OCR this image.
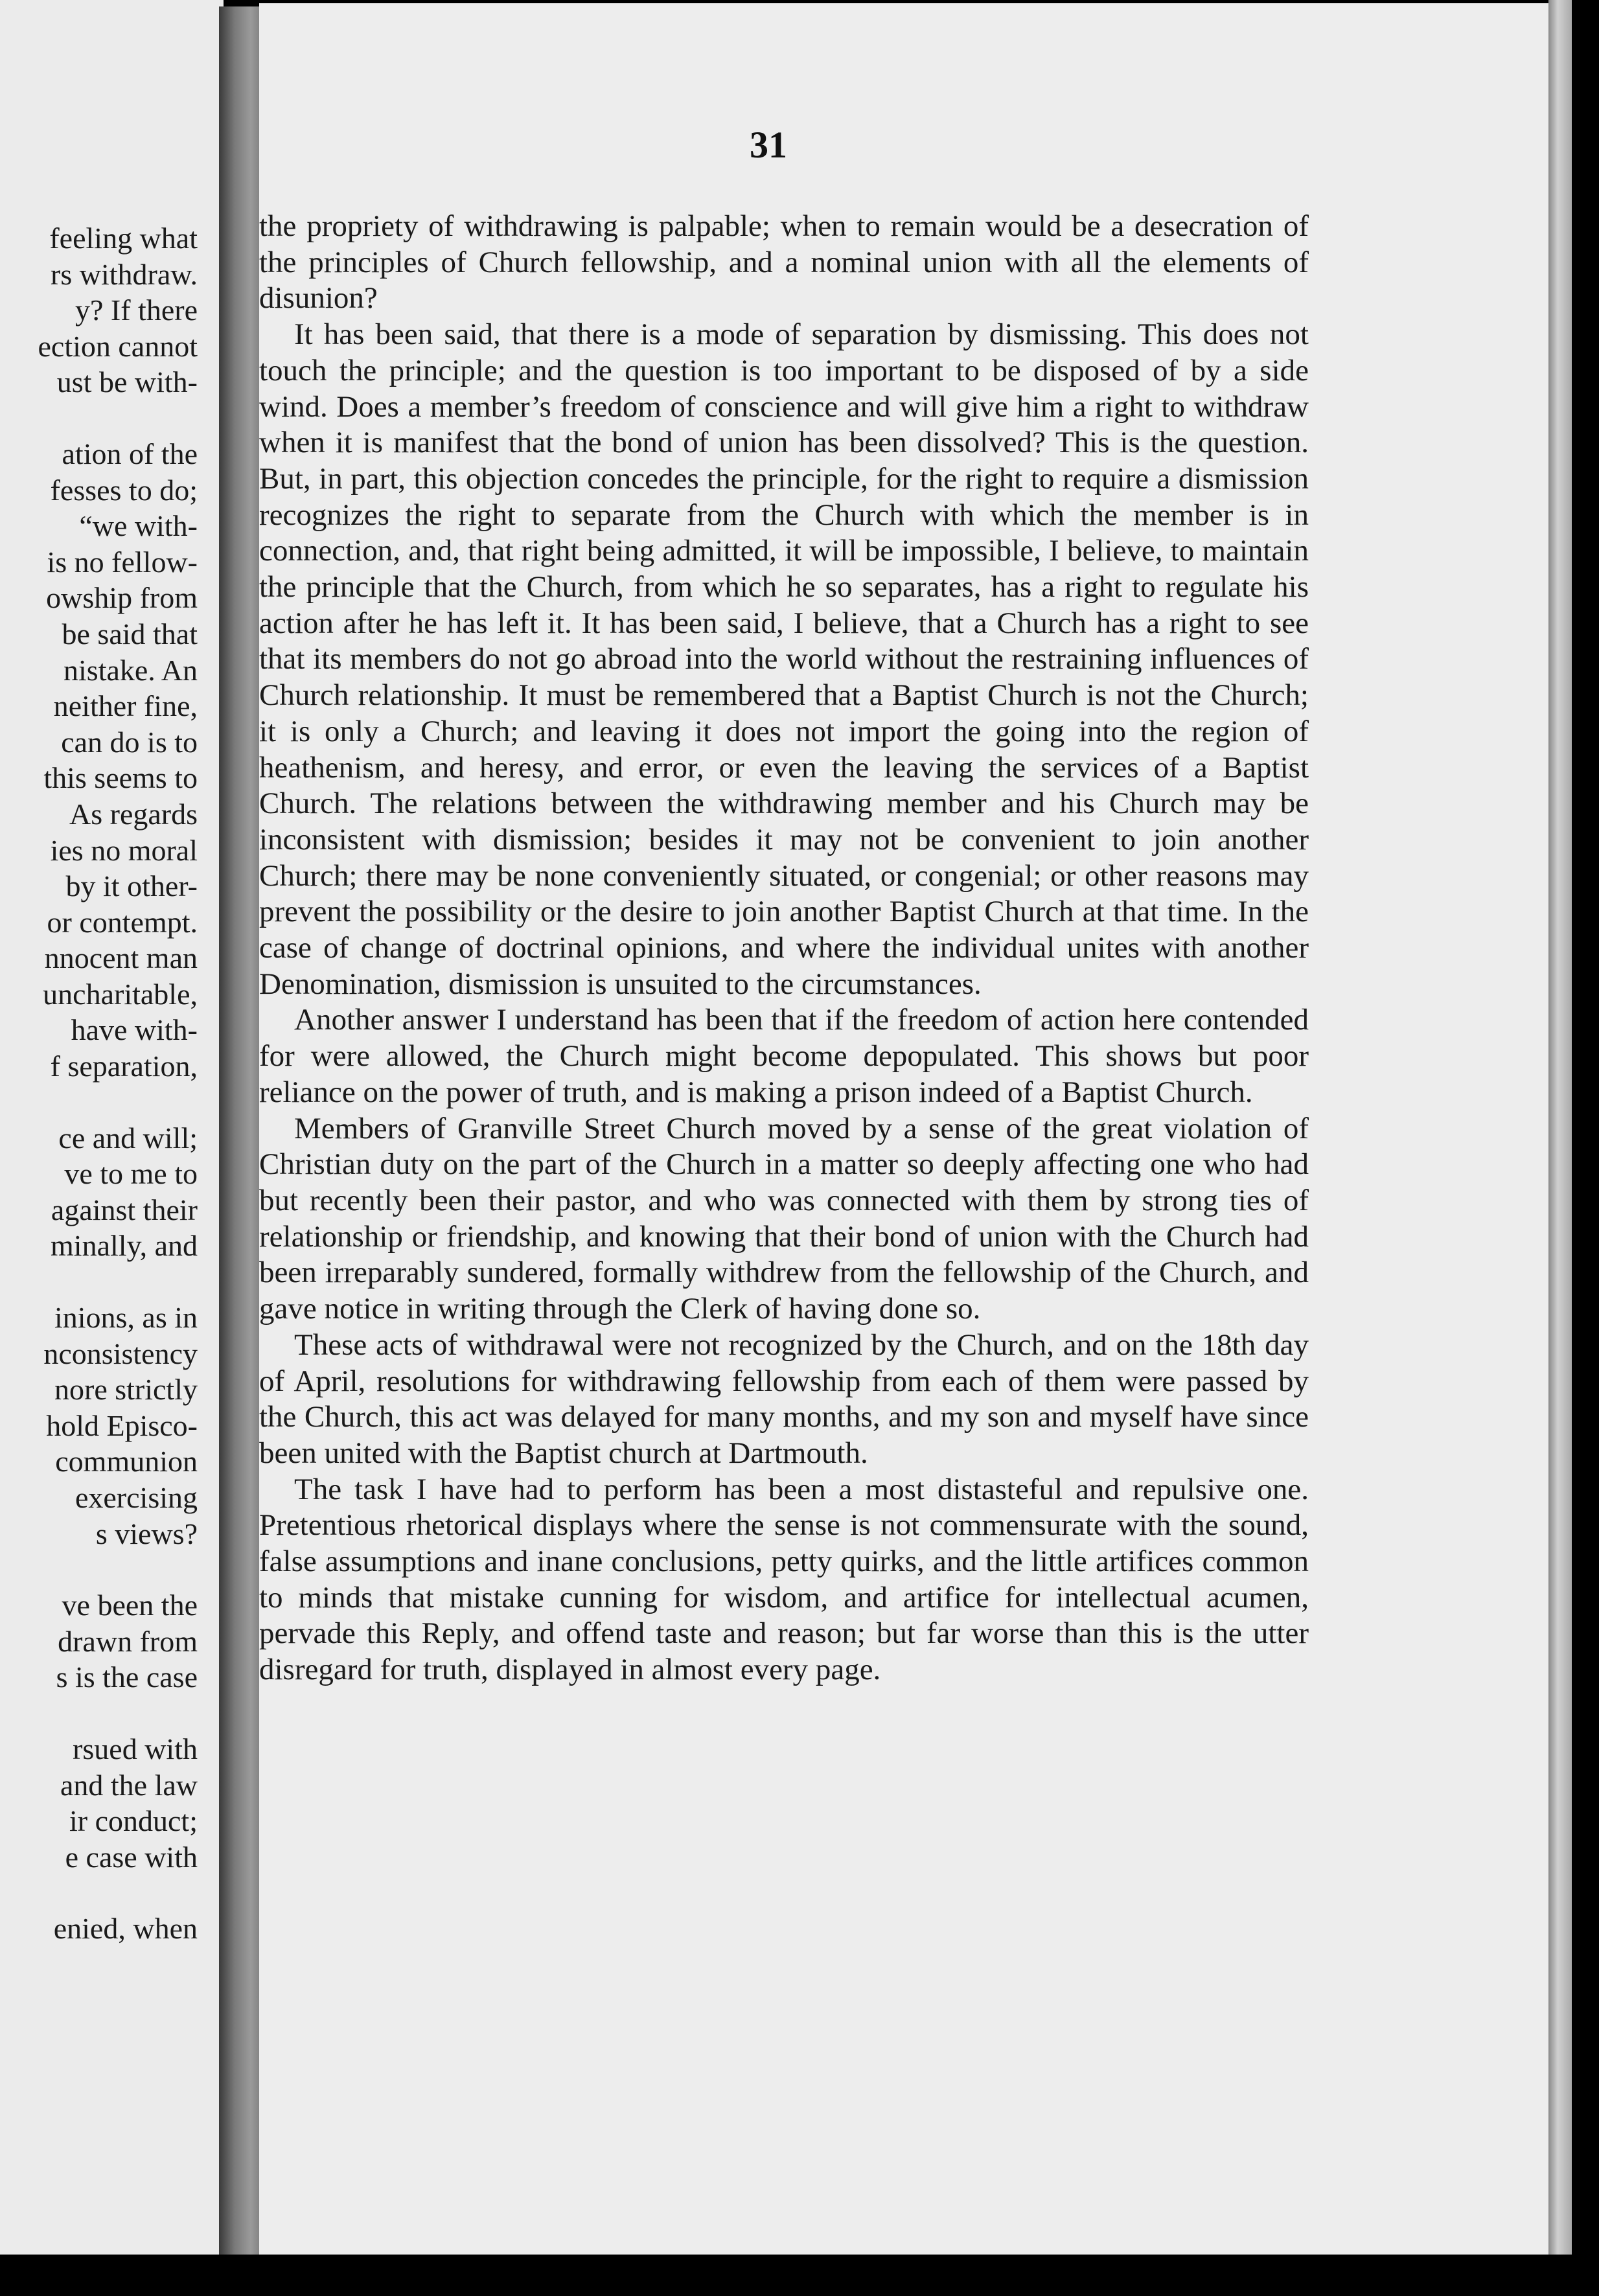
feeling what
rs withdraw.
y? If there
ection cannot
ust be with-
ation of the
fesses to do;
“we with-
is no fellow-
owship from
be said that
nistake. An
neither fine,
can do is to
this seems to
As regards
ies no moral
by it other-
or contempt.
nnocent man
uncharitable,
have with-
f separation,
ce and will;
ve to me to
against their
minally, and
inions, as in
nconsistency
nore strictly
hold Episco-
communion
exercising
s views?
ve been the
drawn from
s is the case
rsued with
and the law
ir conduct;
e case with
enied, when
31

the propriety of withdrawing is palpable; when to remain would be a desecration of the principles of Church fellowship, and a nominal union with all the elements of disunion?

It has been said, that there is a mode of separation by dismissing. This does not touch the principle; and the question is too important to be disposed of by a side wind. Does a member’s freedom of conscience and will give him a right to withdraw when it is manifest that the bond of union has been dissolved? This is the question. But, in part, this objection concedes the principle, for the right to require a dismission recognizes the right to separate from the Church with which the member is in connection, and, that right being admitted, it will be impossible, I believe, to maintain the principle that the Church, from which he so separates, has a right to regulate his action after he has left it. It has been said, I believe, that a Church has a right to see that its members do not go abroad into the world without the restraining influences of Church relationship. It must be remembered that a Baptist Church is not the Church; it is only a Church; and leaving it does not import the going into the region of heathenism, and heresy, and error, or even the leaving the services of a Baptist Church. The relations between the withdrawing member and his Church may be inconsistent with dismission; besides it may not be convenient to join another Church; there may be none conveniently situated, or congenial; or other reasons may prevent the possibility or the desire to join another Baptist Church at that time. In the case of change of doctrinal opinions, and where the individual unites with another Denomination, dismission is unsuited to the circumstances.

Another answer I understand has been that if the freedom of action here contended for were allowed, the Church might become depopulated. This shows but poor reliance on the power of truth, and is making a prison indeed of a Baptist Church.

Members of Granville Street Church moved by a sense of the great violation of Christian duty on the part of the Church in a matter so deeply affecting one who had but recently been their pastor, and who was connected with them by strong ties of relationship or friendship, and knowing that their bond of union with the Church had been irreparably sundered, formally withdrew from the fellowship of the Church, and gave notice in writing through the Clerk of having done so.

These acts of withdrawal were not recognized by the Church, and on the 18th day of April, resolutions for withdrawing fellowship from each of them were passed by the Church, this act was delayed for many months, and my son and myself have since been united with the Baptist church at Dartmouth.

The task I have had to perform has been a most distasteful and repulsive one. Pretentious rhetorical displays where the sense is not commensurate with the sound, false assumptions and inane conclusions, petty quirks, and the little artifices common to minds that mistake cunning for wisdom, and artifice for intellectual acumen, pervade this Reply, and offend taste and reason; but far worse than this is the utter disregard for truth, displayed in almost every page.
